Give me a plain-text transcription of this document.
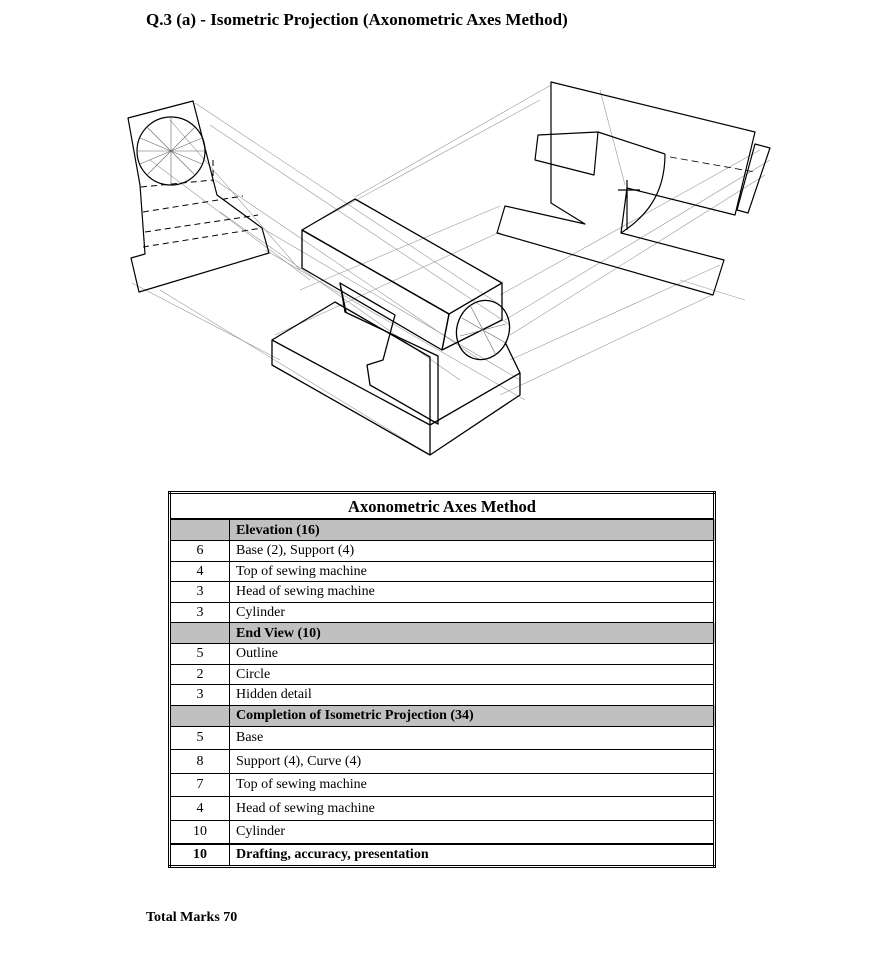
Q.3 (a) - Isometric Projection (Axonometric Axes Method)
Axonometric Axes Method	
	Elevation (16)
6	Base (2), Support (4)
4	Top of sewing machine
3	Head of sewing machine
3	Cylinder
	End View (10)
5	Outline
2	Circle
3	Hidden detail
	Completion of Isometric Projection (34)
5	Base
8	Support (4), Curve (4)
7	Top of sewing machine
4	Head of sewing machine
10	Cylinder
10	Drafting, accuracy, presentation
Total Marks 70
